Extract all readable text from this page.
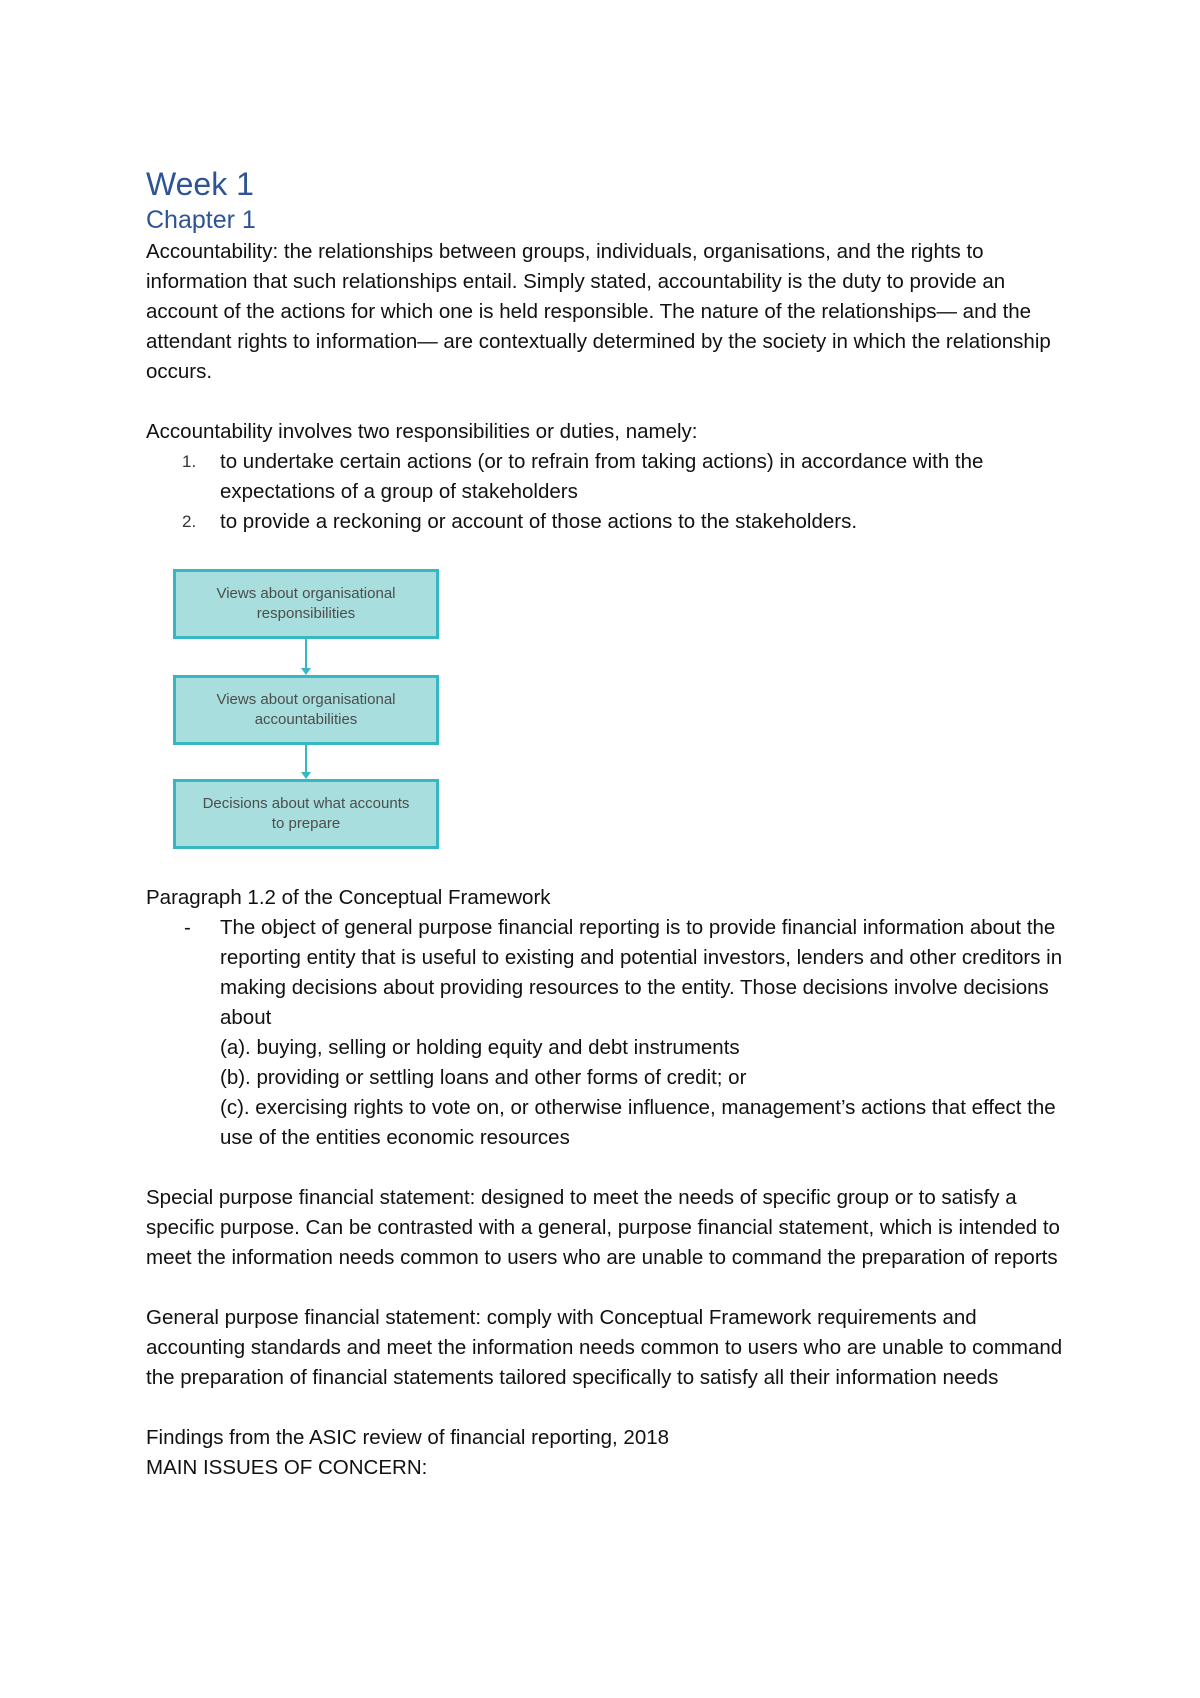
Week 1
Chapter 1

Accountability: the relationships between groups, individuals, organisations, and the rights to information that such relationships entail. Simply stated, accountability is the duty to provide an account of the actions for which one is held responsible. The nature of the relationships— and the attendant rights to information— are contextually determined by the society in which the relationship occurs.

Accountability involves two responsibilities or duties, namely:

1. to undertake certain actions (or to refrain from taking actions) in accordance with the expectations of a group of stakeholders
2. to provide a reckoning or account of those actions to the stakeholders.
Views about organisational responsibilities
Views about organisational accountabilities
Decisions about what accounts to prepare

Paragraph 1.2 of the Conceptual Framework

- The object of general purpose financial reporting is to provide financial information about the reporting entity that is useful to existing and potential investors, lenders and other creditors in making decisions about providing resources to the entity. Those decisions involve decisions about
(a). buying, selling or holding equity and debt instruments
(b). providing or settling loans and other forms of credit; or
(c). exercising rights to vote on, or otherwise influence, management’s actions that effect the use of the entities economic resources

Special purpose financial statement: designed to meet the needs of specific group or to satisfy a specific purpose. Can be contrasted with a general, purpose financial statement, which is intended to meet the information needs common to users who are unable to command the preparation of reports

General purpose financial statement: comply with Conceptual Framework requirements and accounting standards and meet the information needs common to users who are unable to command the preparation of financial statements tailored specifically to satisfy all their information needs

Findings from the ASIC review of financial reporting, 2018

MAIN ISSUES OF CONCERN:
